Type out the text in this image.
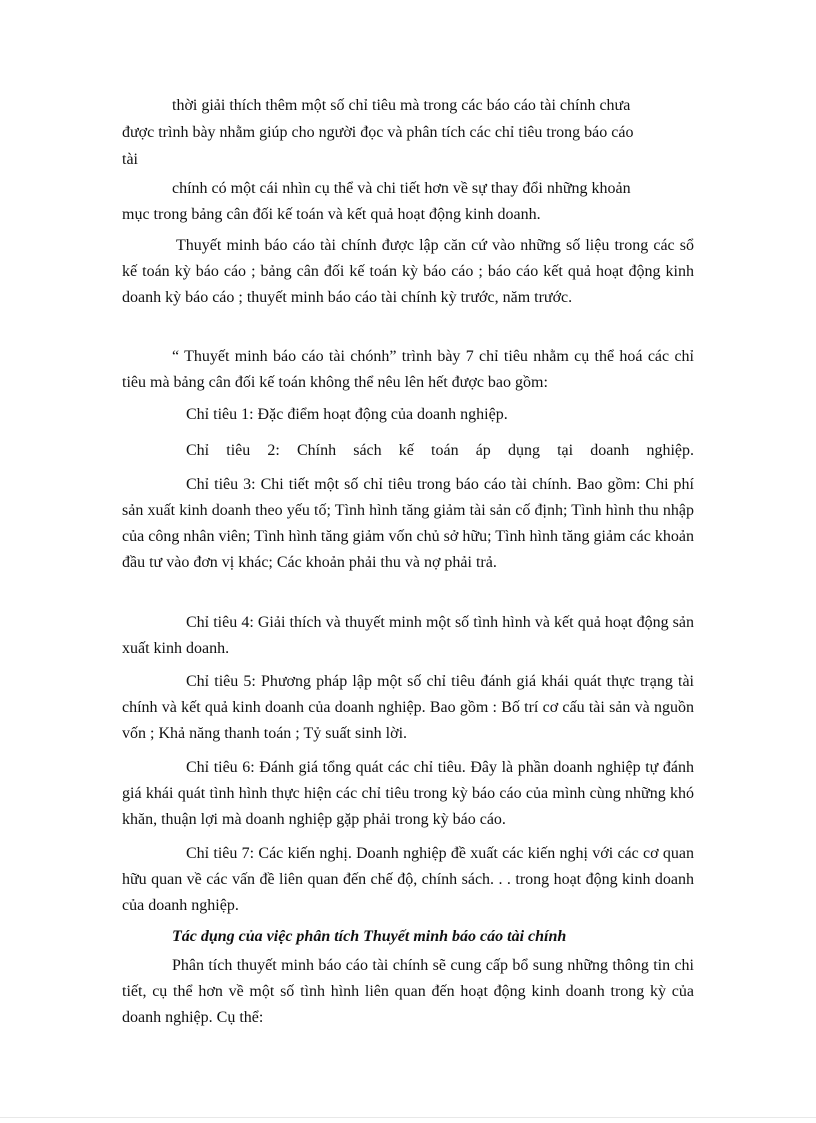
thời giải thích thêm một số chỉ tiêu mà trong các báo cáo tài chính chưa

được trình bày nhằm giúp cho người đọc và phân tích các chỉ tiêu trong báo cáo

tài

chính có một cái nhìn cụ thể và chi tiết hơn về sự thay đổi những khoản

mục trong bảng cân đối kế toán và kết quả hoạt động kinh doanh.

Thuyết minh báo cáo tài chính được lập căn cứ vào những số liệu trong các sổ kế toán kỳ báo cáo ; bảng cân đối kế toán kỳ báo cáo ; báo cáo kết quả hoạt động kinh doanh kỳ báo cáo ; thuyết minh báo cáo tài chính kỳ trước, năm trước.

“ Thuyết minh báo cáo tài chónh” trình bày 7 chỉ tiêu nhằm cụ thể hoá các chỉ tiêu mà bảng cân đối kế toán không thể nêu lên hết được bao gồm:

Chỉ tiêu 1: Đặc điểm hoạt động của doanh nghiệp.

Chỉ tiêu 2: Chính sách kế toán áp dụng tại doanh nghiệp.

Chỉ tiêu 3: Chi tiết một số chỉ tiêu trong báo cáo tài chính. Bao gồm: Chi phí sản xuất kinh doanh theo yếu tố; Tình hình tăng giảm tài sản cố định; Tình hình thu nhập của công nhân viên; Tình hình tăng giảm vốn chủ sở hữu; Tình hình tăng giảm các khoản đầu tư vào đơn vị khác; Các khoản phải thu và nợ phải trả.

Chỉ tiêu 4: Giải thích và thuyết minh một số tình hình và kết quả hoạt động sản xuất kinh doanh.

Chỉ tiêu 5: Phương pháp lập một số chỉ tiêu đánh giá khái quát thực trạng tài chính và kết quả kinh doanh của doanh nghiệp. Bao gồm : Bố trí cơ cấu tài sản và nguồn vốn ; Khả năng thanh toán ; Tỷ suất sinh lời.

Chỉ tiêu 6: Đánh giá tổng quát các chỉ tiêu. Đây là phần doanh nghiệp tự đánh giá khái quát tình hình thực hiện các chỉ tiêu trong kỳ báo cáo của mình cùng những khó khăn, thuận lợi mà doanh nghiệp gặp phải trong kỳ báo cáo.

Chỉ tiêu 7: Các kiến nghị. Doanh nghiệp đề xuất các kiến nghị với các cơ quan hữu quan về các vấn đề liên quan đến chế độ, chính sách. . . trong hoạt động kinh doanh của doanh nghiệp.

Tác dụng của việc phân tích Thuyết minh báo cáo tài chính

Phân tích thuyết minh báo cáo tài chính sẽ cung cấp bổ sung những thông tin chi tiết, cụ thể hơn về một số tình hình liên quan đến hoạt động kinh doanh trong kỳ của doanh nghiệp. Cụ thể:
